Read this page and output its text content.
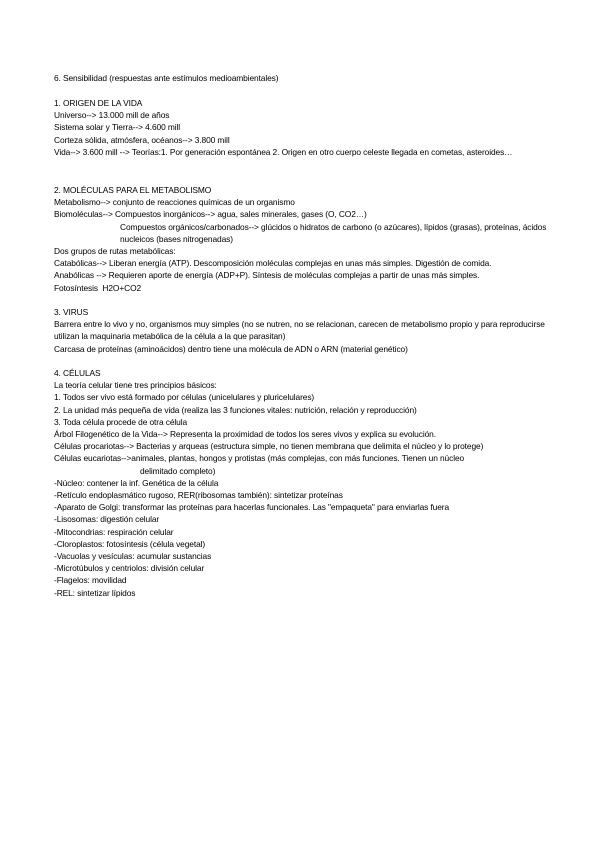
6. Sensibilidad (respuestas ante estímulos medioambientales)

1. ORIGEN DE LA VIDA

Universo--> 13.000 mill de años

Sistema solar y Tierra--> 4.600 mill

Corteza sólida, atmósfera, océanos--> 3.800 mill

Vida--> 3.600 mill --> Teorías:1. Por generación espontánea 2. Origen en otro cuerpo celeste llegada en cometas, asteroides…

2. MOLÉCULAS PARA EL METABOLISMO

Metabolismo--> conjunto de reacciones químicas de un organismo

Biomoléculas--> Compuestos inorgánicos--> agua, sales minerales, gases (O, CO2…)

Compuestos orgánicos/carbonados--> glúcidos o hidratos de carbono (o azúcares), lípidos (grasas), proteínas, ácidos nucleicos (bases nitrogenadas)

Dos grupos de rutas metabólicas:

Catabólicas--> Liberan energía (ATP). Descomposición moléculas complejas en unas más simples. Digestión de comida.

Anabólicas --> Requieren aporte de energía (ADP+P). Síntesis de moléculas complejas a partir de unas más simples.

Fotosíntesis  H2O+CO2

3. VIRUS

Barrera entre lo vivo y no, organismos muy simples (no se nutren, no se relacionan, carecen de metabolismo propio y para reproducirse utilizan la maquinaria metabólica de la célula a la que parasitan)

Carcasa de proteínas (aminoácidos) dentro tiene una molécula de ADN o ARN (material genético)

4. CÉLULAS

La teoría celular tiene tres principios básicos:

1. Todos ser vivo está formado por células (unicelulares y pluricelulares)

2. La unidad más pequeña de vida (realiza las 3 funciones vitales: nutrición, relación y reproducción)

3. Toda célula procede de otra célula

Árbol Filogenético de la Vida--> Representa la proximidad de todos los seres vivos y explica su evolución.

Células procariotas--> Bacterias y arqueas (estructura simple, no tienen membrana que delimita el núcleo y lo protege)

Células eucariotas-->animales, plantas, hongos y protistas (más complejas, con más funciones. Tienen un núcleo

delimitado completo)

-Núcleo: contener la inf. Genética de la célula

-Retículo endoplasmático rugoso, RER(ribosomas también): sintetizar proteínas

-Aparato de Golgi: transformar las proteínas para hacerlas funcionales. Las "empaqueta" para enviarlas fuera

-Lisosomas: digestión celular

-Mitocondrias: respiración celular

-Cloroplastos: fotosíntesis (célula vegetal)

-Vacuolas y vesículas: acumular sustancias

-Microtúbulos y centriolos: división celular

-Flagelos: movilidad

-REL: sintetizar lípidos
